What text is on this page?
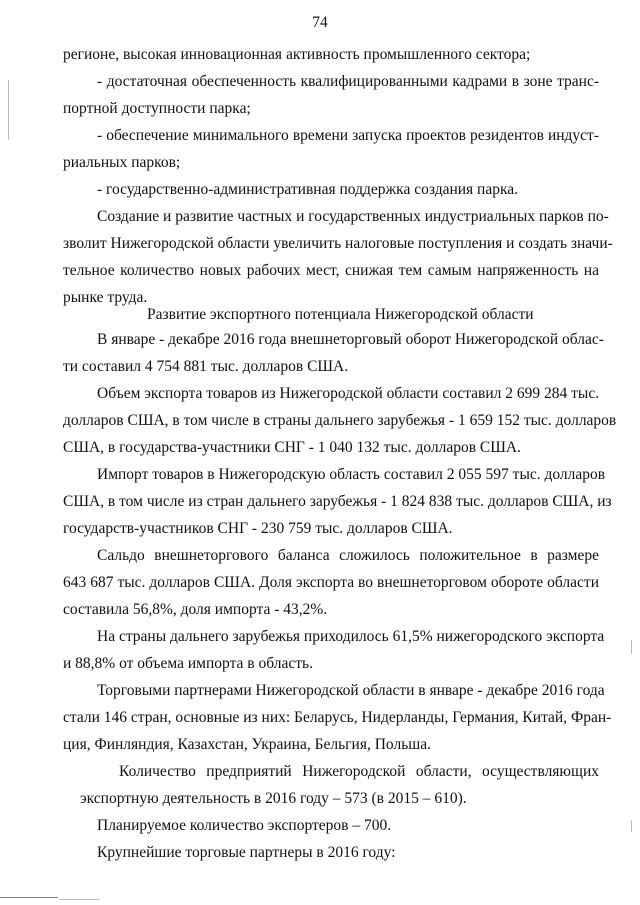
74
регионе, высокая инновационная активность промышленного сектора;
- достаточная обеспеченность квалифицированными кадрами в зоне транс-
портной доступности парка;
- обеспечение минимального времени запуска проектов резидентов индуст-
риальных парков;
- государственно-административная поддержка создания парка.
Создание и развитие частных и государственных индустриальных парков по-
зволит Нижегородской области увеличить налоговые поступления и создать значи-
тельное количество новых рабочих мест, снижая тем самым напряженность на
рынке труда.
Развитие экспортного потенциала Нижегородской области
В январе - декабре 2016 года внешнеторговый оборот Нижегородской облас-
ти составил 4 754 881 тыс. долларов США.
Объем экспорта товаров из Нижегородской области составил 2 699 284 тыс.
долларов США, в том числе в страны дальнего зарубежья - 1 659 152 тыс. долларов
США, в государства-участники СНГ - 1 040 132 тыс. долларов США.
Импорт товаров в Нижегородскую область составил 2 055 597 тыс. долларов
США, в том числе из стран дальнего зарубежья - 1 824 838 тыс. долларов США, из
государств-участников СНГ - 230 759 тыс. долларов США.
Сальдо внешнеторгового баланса сложилось положительное в размере
643 687 тыс. долларов США. Доля экспорта во внешнеторговом обороте области
составила 56,8%, доля импорта - 43,2%.
На страны дальнего зарубежья приходилось 61,5% нижегородского экспорта
и 88,8% от объема импорта в область.
Торговыми партнерами Нижегородской области в январе - декабре 2016 года
стали 146 стран, основные из них: Беларусь, Нидерланды, Германия, Китай, Фран-
ция, Финляндия, Казахстан, Украина, Бельгия, Польша.
Количество предприятий Нижегородской области, осуществляющих
экспортную деятельность в 2016 году – 573 (в 2015 – 610).
Планируемое количество экспортеров – 700.
Крупнейшие торговые партнеры в 2016 году:
